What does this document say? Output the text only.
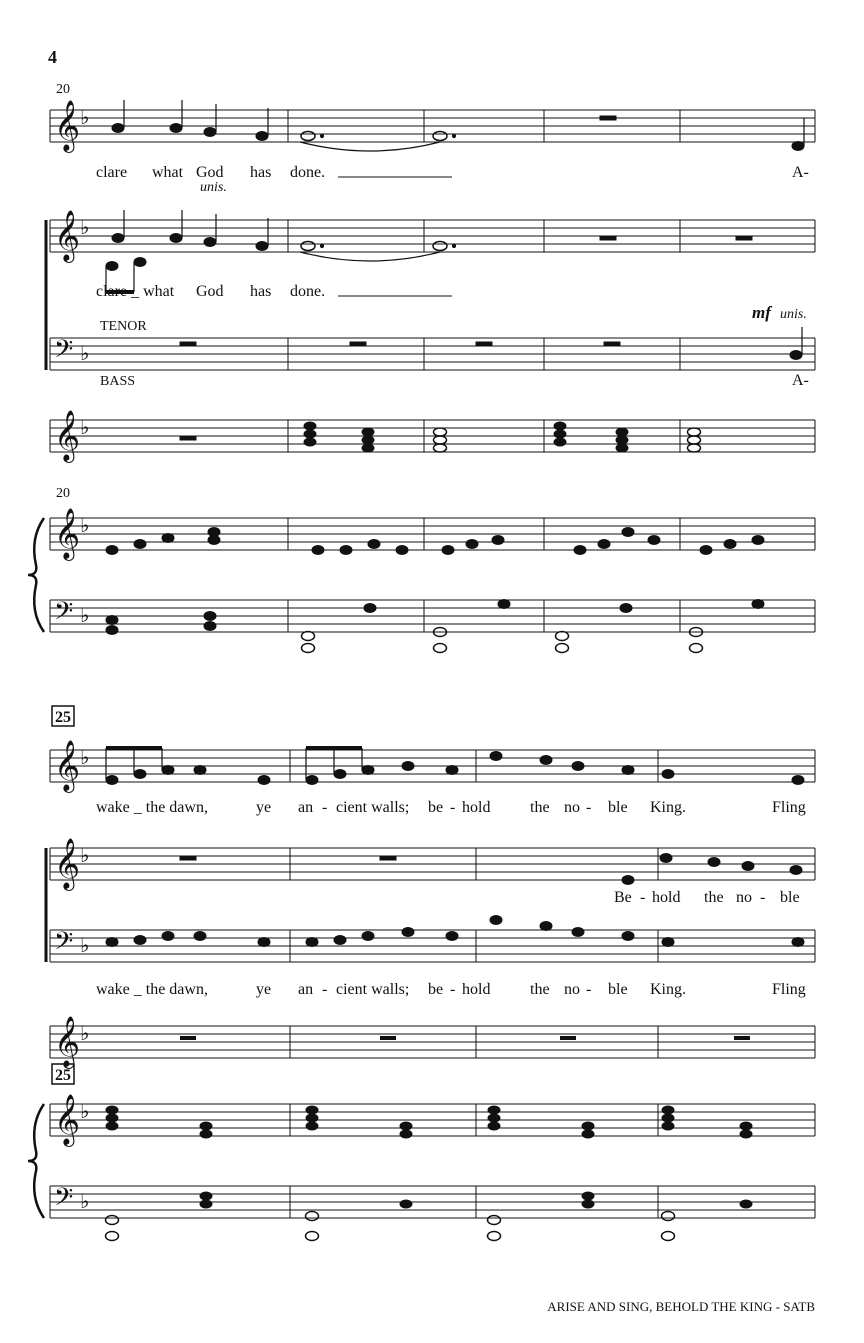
4
20
clare what God has done.	A-
unis.
clare _ what God has done.
TENOR
BASS
mf unis.
A-
20
25
wake _ the dawn,	ye an - cient walls; be - hold the no - ble King.	Fling
Be - hold the no - ble
wake _ the dawn,	ye an - cient walls; be - hold the no - ble King.	Fling
25
ARISE AND SING, BEHOLD THE KING - SATB
𝄞 ♭
𝄞 ♭
𝄢 ♭
𝄞 ♭
𝄞 ♭
𝄢 ♭
𝄞 ♭
𝄞 ♭
𝄢 ♭
𝄞 ♭
𝄞 ♭
𝄢 ♭
